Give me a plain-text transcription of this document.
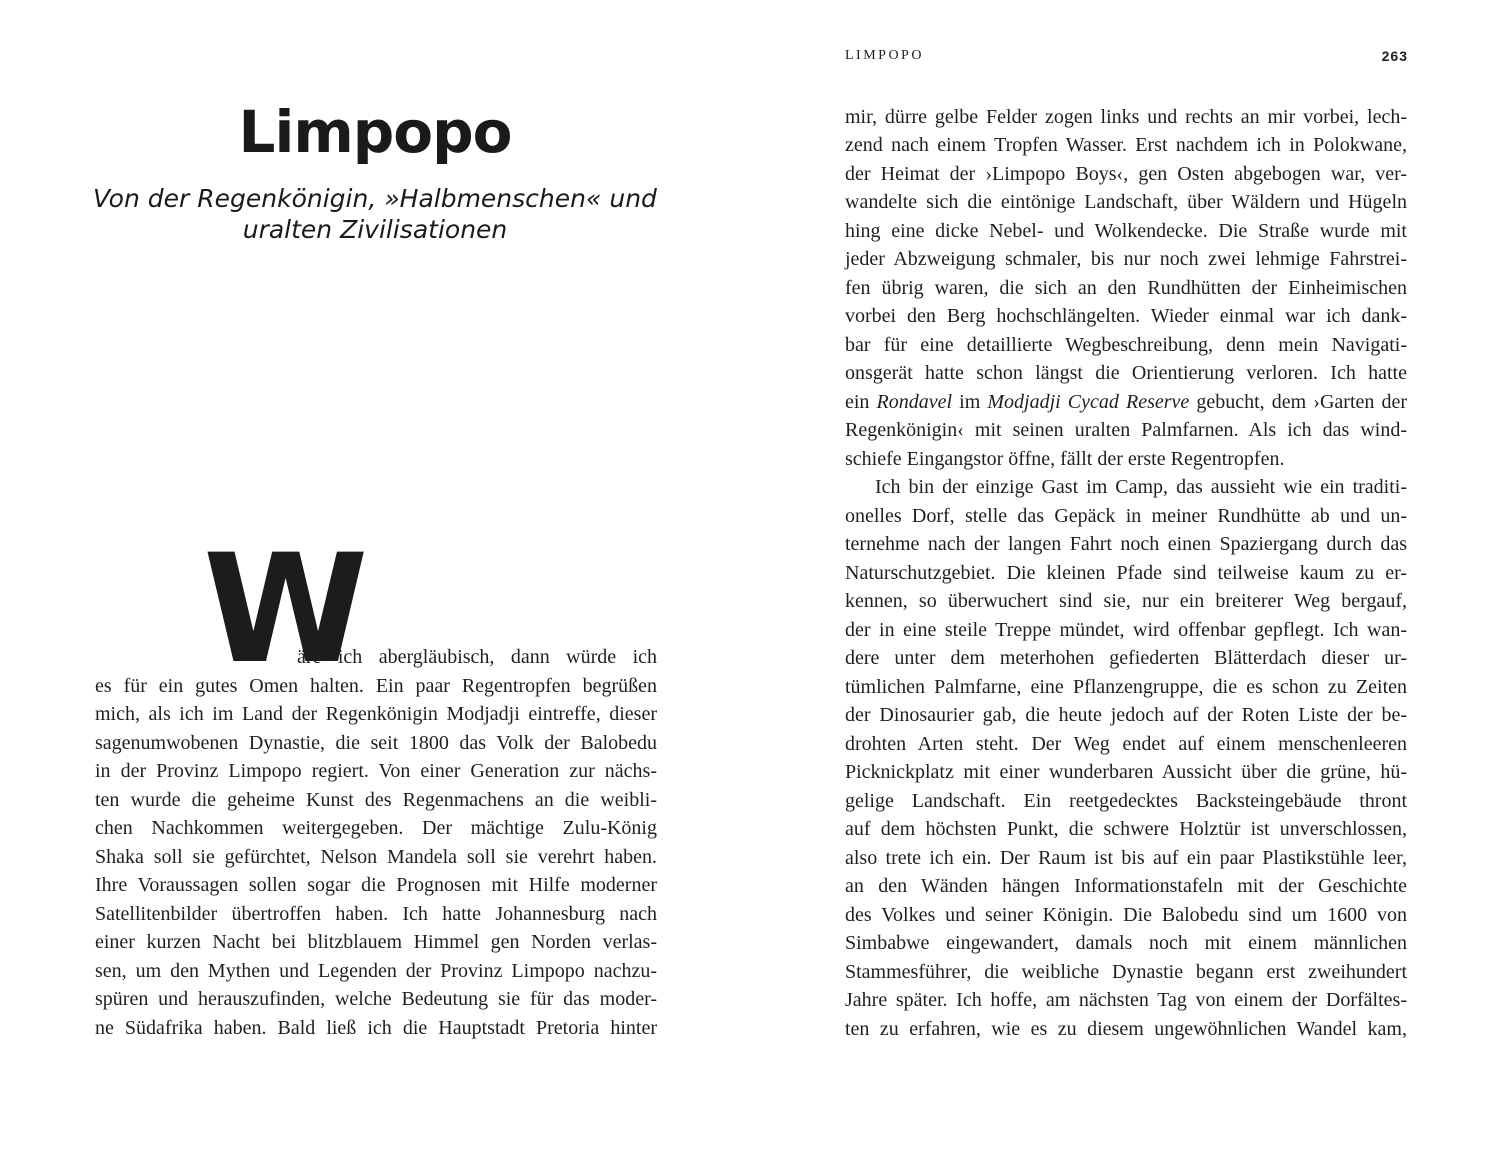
Limpopo
Von der Regenkönigin, »Halbmenschen« und
uralten Zivilisationen
W
äre ich abergläubisch, dann würde ich
es für ein gutes Omen halten. Ein paar Regentropfen begrüßen
mich, als ich im Land der Regenkönigin Modjadji eintreffe, dieser
sagenumwobenen Dynastie, die seit 1800 das Volk der Balobedu
in der Provinz Limpopo regiert. Von einer Generation zur nächs-
ten wurde die geheime Kunst des Regenmachens an die weibli-
chen Nachkommen weitergegeben. Der mächtige Zulu-König
Shaka soll sie gefürchtet, Nelson Mandela soll sie verehrt haben.
Ihre Voraussagen sollen sogar die Prognosen mit Hilfe moderner
Satellitenbilder übertroffen haben. Ich hatte Johannesburg nach
einer kurzen Nacht bei blitzblauem Himmel gen Norden verlas-
sen, um den Mythen und Legenden der Provinz Limpopo nachzu-
spüren und herauszufinden, welche Bedeutung sie für das moder-
ne Südafrika haben. Bald ließ ich die Hauptstadt Pretoria hinter
LIMPOPO	263
mir, dürre gelbe Felder zogen links und rechts an mir vorbei, lech-
zend nach einem Tropfen Wasser. Erst nachdem ich in Polokwane,
der Heimat der ›Limpopo Boys‹, gen Osten abgebogen war, ver-
wandelte sich die eintönige Landschaft, über Wäldern und Hügeln
hing eine dicke Nebel- und Wolkendecke. Die Straße wurde mit
jeder Abzweigung schmaler, bis nur noch zwei lehmige Fahrstrei-
fen übrig waren, die sich an den Rundhütten der Einheimischen
vorbei den Berg hochschlängelten. Wieder einmal war ich dank-
bar für eine detaillierte Wegbeschreibung, denn mein Navigati-
onsgerät hatte schon längst die Orientierung verloren. Ich hatte
ein Rondavel im Modjadji Cycad Reserve gebucht, dem ›Garten der
Regenkönigin‹ mit seinen uralten Palmfarnen. Als ich das wind-
schiefe Eingangstor öffne, fällt der erste Regentropfen.
Ich bin der einzige Gast im Camp, das aussieht wie ein traditi-
onelles Dorf, stelle das Gepäck in meiner Rundhütte ab und un-
ternehme nach der langen Fahrt noch einen Spaziergang durch das
Naturschutzgebiet. Die kleinen Pfade sind teilweise kaum zu er-
kennen, so überwuchert sind sie, nur ein breiterer Weg bergauf,
der in eine steile Treppe mündet, wird offenbar gepflegt. Ich wan-
dere unter dem meterhohen gefiederten Blätterdach dieser ur-
tümlichen Palmfarne, eine Pflanzengruppe, die es schon zu Zeiten
der Dinosaurier gab, die heute jedoch auf der Roten Liste der be-
drohten Arten steht. Der Weg endet auf einem menschenleeren
Picknickplatz mit einer wunderbaren Aussicht über die grüne, hü-
gelige Landschaft. Ein reetgedecktes Backsteingebäude thront
auf dem höchsten Punkt, die schwere Holztür ist unverschlossen,
also trete ich ein. Der Raum ist bis auf ein paar Plastikstühle leer,
an den Wänden hängen Informationstafeln mit der Geschichte
des Volkes und seiner Königin. Die Balobedu sind um 1600 von
Simbabwe eingewandert, damals noch mit einem männlichen
Stammesführer, die weibliche Dynastie begann erst zweihundert
Jahre später. Ich hoffe, am nächsten Tag von einem der Dorfältes-
ten zu erfahren, wie es zu diesem ungewöhnlichen Wandel kam,
